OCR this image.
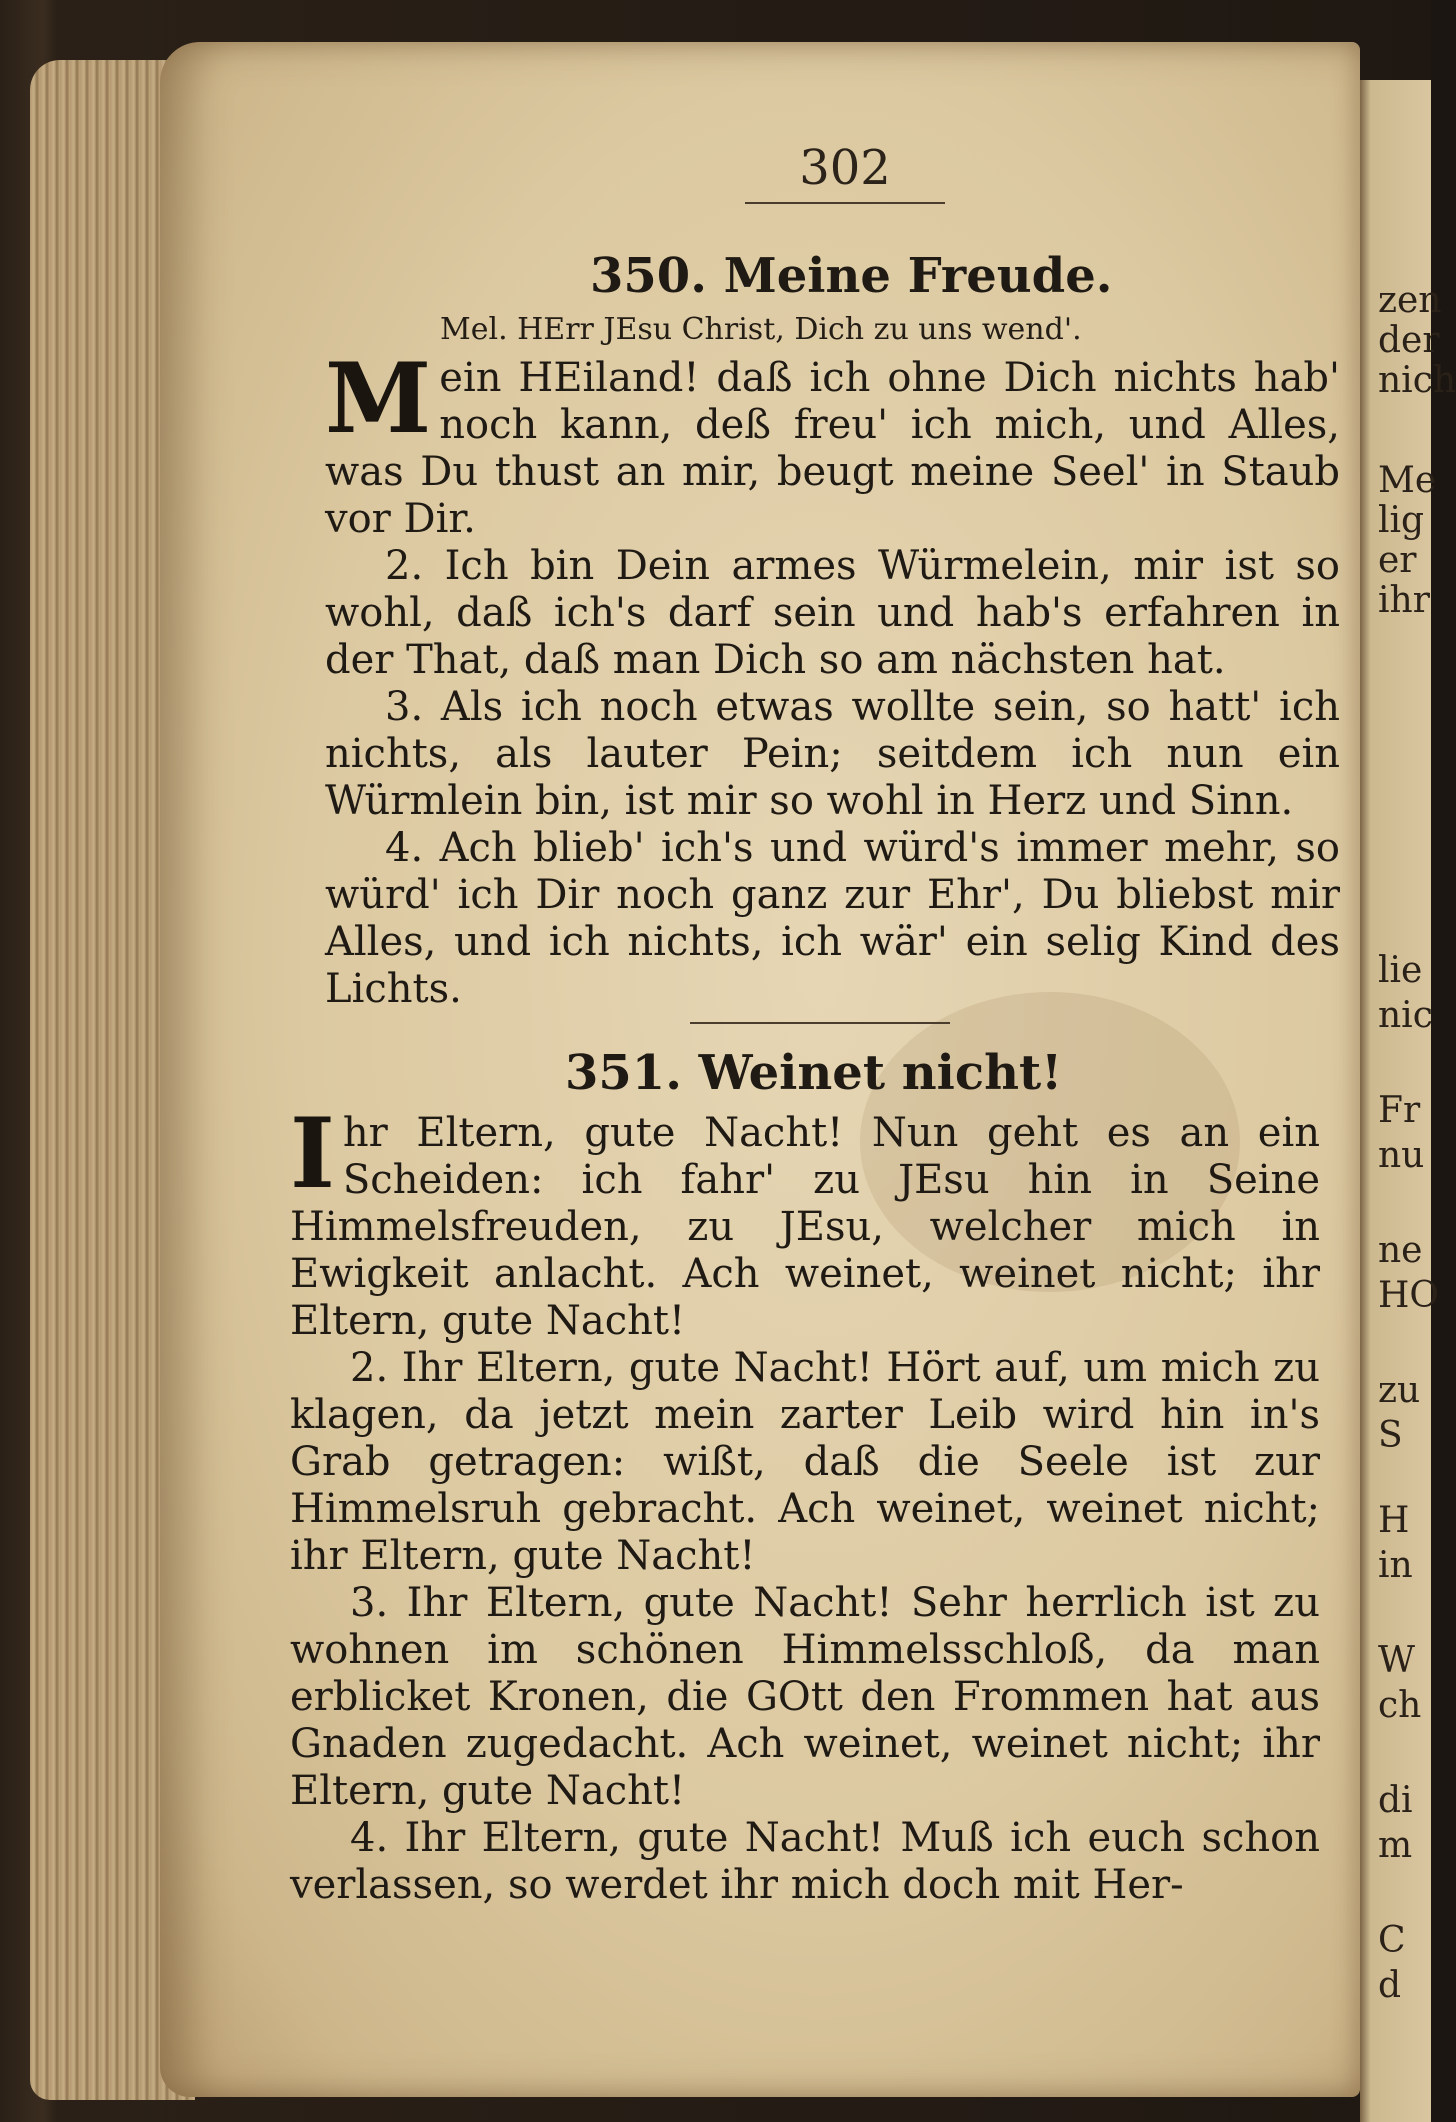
zen
der
nich
Me
lig
er
ihr
lie
nic
Fr
nu
ne
HO
zu
S
H
in
W
ch
di
m
C
d
302
350. Meine Freude.
Mel. HErr JEsu Christ, Dich zu uns wend'.
M ein HEiland! daß ich ohne Dich nichts hab' noch kann, deß freu' ich mich, und Alles, was Du thust an mir, beugt meine Seel' in Staub vor Dir.
2. Ich bin Dein armes Würmelein, mir ist so wohl, daß ich's darf sein und hab's erfahren in der That, daß man Dich so am nächsten hat.
3. Als ich noch etwas wollte sein, so hatt' ich nichts, als lauter Pein; seitdem ich nun ein Würmlein bin, ist mir so wohl in Herz und Sinn.
4. Ach blieb' ich's und würd's immer mehr, so würd' ich Dir noch ganz zur Ehr', Du bliebst mir Alles, und ich nichts, ich wär' ein selig Kind des Lichts.
351. Weinet nicht!
I hr Eltern, gute Nacht! Nun geht es an ein Scheiden: ich fahr' zu JEsu hin in Seine Himmelsfreuden, zu JEsu, welcher mich in Ewigkeit anlacht. Ach weinet, weinet nicht; ihr Eltern, gute Nacht!
2. Ihr Eltern, gute Nacht! Hört auf, um mich zu klagen, da jetzt mein zarter Leib wird hin in's Grab getragen: wißt, daß die Seele ist zur Himmelsruh gebracht. Ach weinet, weinet nicht; ihr Eltern, gute Nacht!
3. Ihr Eltern, gute Nacht! Sehr herrlich ist zu wohnen im schönen Himmelsschloß, da man erblicket Kronen, die GOtt den Frommen hat aus Gnaden zugedacht. Ach weinet, weinet nicht; ihr Eltern, gute Nacht!
4. Ihr Eltern, gute Nacht! Muß ich euch schon verlassen, so werdet ihr mich doch mit Her-
